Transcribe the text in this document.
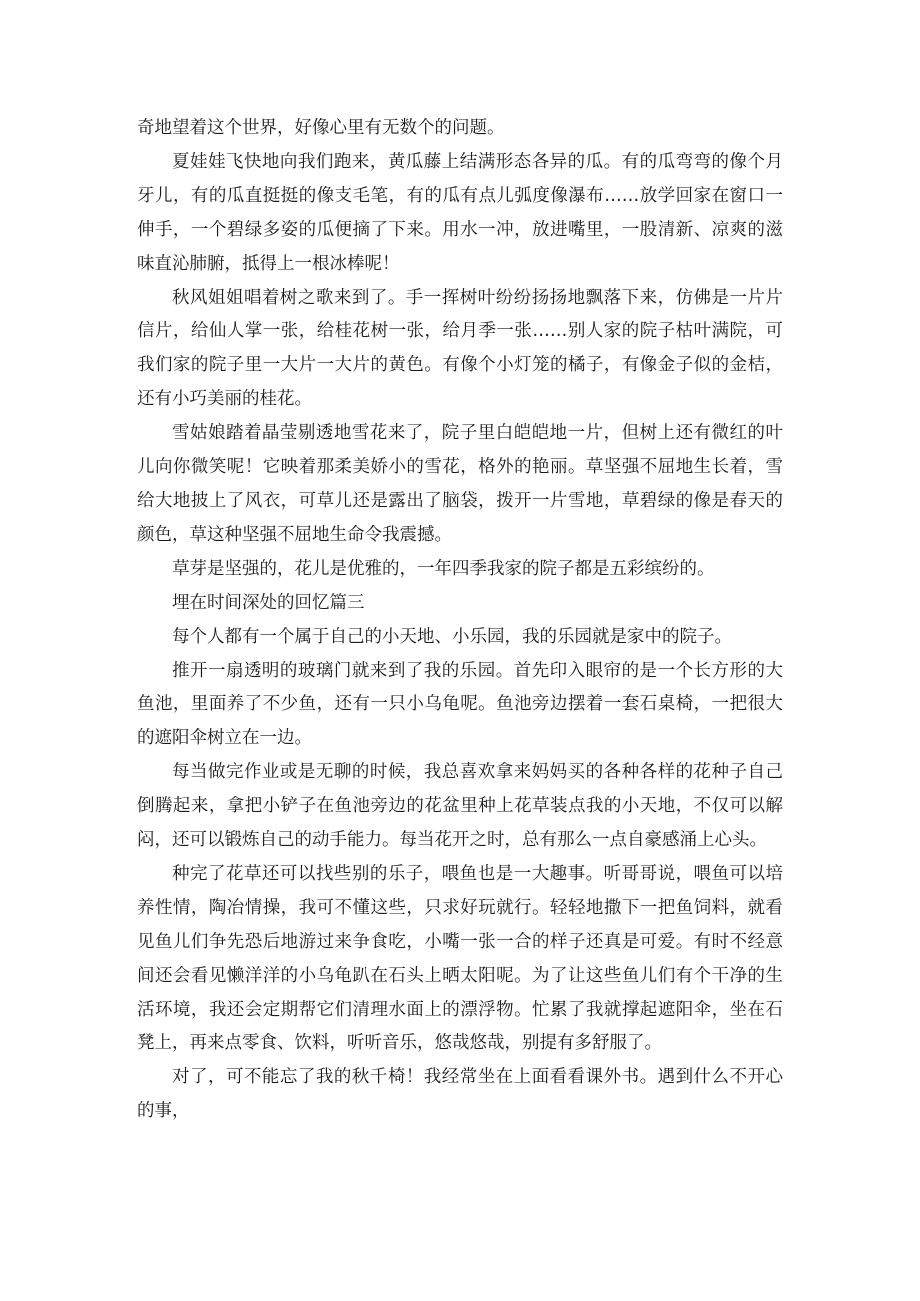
奇地望着这个世界，好像心里有无数个的问题。

夏娃娃飞快地向我们跑来，黄瓜藤上结满形态各异的瓜。有的瓜弯弯的像个月牙儿，有的瓜直挺挺的像支毛笔，有的瓜有点儿弧度像瀑布……放学回家在窗口一伸手，一个碧绿多姿的瓜便摘了下来。用水一冲，放进嘴里，一股清新、凉爽的滋味直沁肺腑，抵得上一根冰棒呢！

秋风姐姐唱着树之歌来到了。手一挥树叶纷纷扬扬地飘落下来，仿佛是一片片信片，给仙人掌一张，给桂花树一张，给月季一张……别人家的院子枯叶满院，可我们家的院子里一大片一大片的黄色。有像个小灯笼的橘子，有像金子似的金桔，还有小巧美丽的桂花。

雪姑娘踏着晶莹剔透地雪花来了，院子里白皑皑地一片，但树上还有微红的叶儿向你微笑呢！它映着那柔美娇小的雪花，格外的艳丽。草坚强不屈地生长着，雪给大地披上了风衣，可草儿还是露出了脑袋，拨开一片雪地，草碧绿的像是春天的颜色，草这种坚强不屈地生命令我震撼。

草芽是坚强的，花儿是优雅的，一年四季我家的院子都是五彩缤纷的。

埋在时间深处的回忆篇三

每个人都有一个属于自己的小天地、小乐园，我的乐园就是家中的院子。

推开一扇透明的玻璃门就来到了我的乐园。首先印入眼帘的是一个长方形的大鱼池，里面养了不少鱼，还有一只小乌龟呢。鱼池旁边摆着一套石桌椅，一把很大的遮阳伞树立在一边。

每当做完作业或是无聊的时候，我总喜欢拿来妈妈买的各种各样的花种子自己倒腾起来，拿把小铲子在鱼池旁边的花盆里种上花草装点我的小天地，不仅可以解闷，还可以锻炼自己的动手能力。每当花开之时，总有那么一点自豪感涌上心头。

种完了花草还可以找些别的乐子，喂鱼也是一大趣事。听哥哥说，喂鱼可以培养性情，陶冶情操，我可不懂这些，只求好玩就行。轻轻地撒下一把鱼饲料，就看见鱼儿们争先恐后地游过来争食吃，小嘴一张一合的样子还真是可爱。有时不经意间还会看见懒洋洋的小乌龟趴在石头上晒太阳呢。为了让这些鱼儿们有个干净的生活环境，我还会定期帮它们清理水面上的漂浮物。忙累了我就撑起遮阳伞，坐在石凳上，再来点零食、饮料，听听音乐，悠哉悠哉，别提有多舒服了。

对了，可不能忘了我的秋千椅！我经常坐在上面看看课外书。遇到什么不开心的事，
